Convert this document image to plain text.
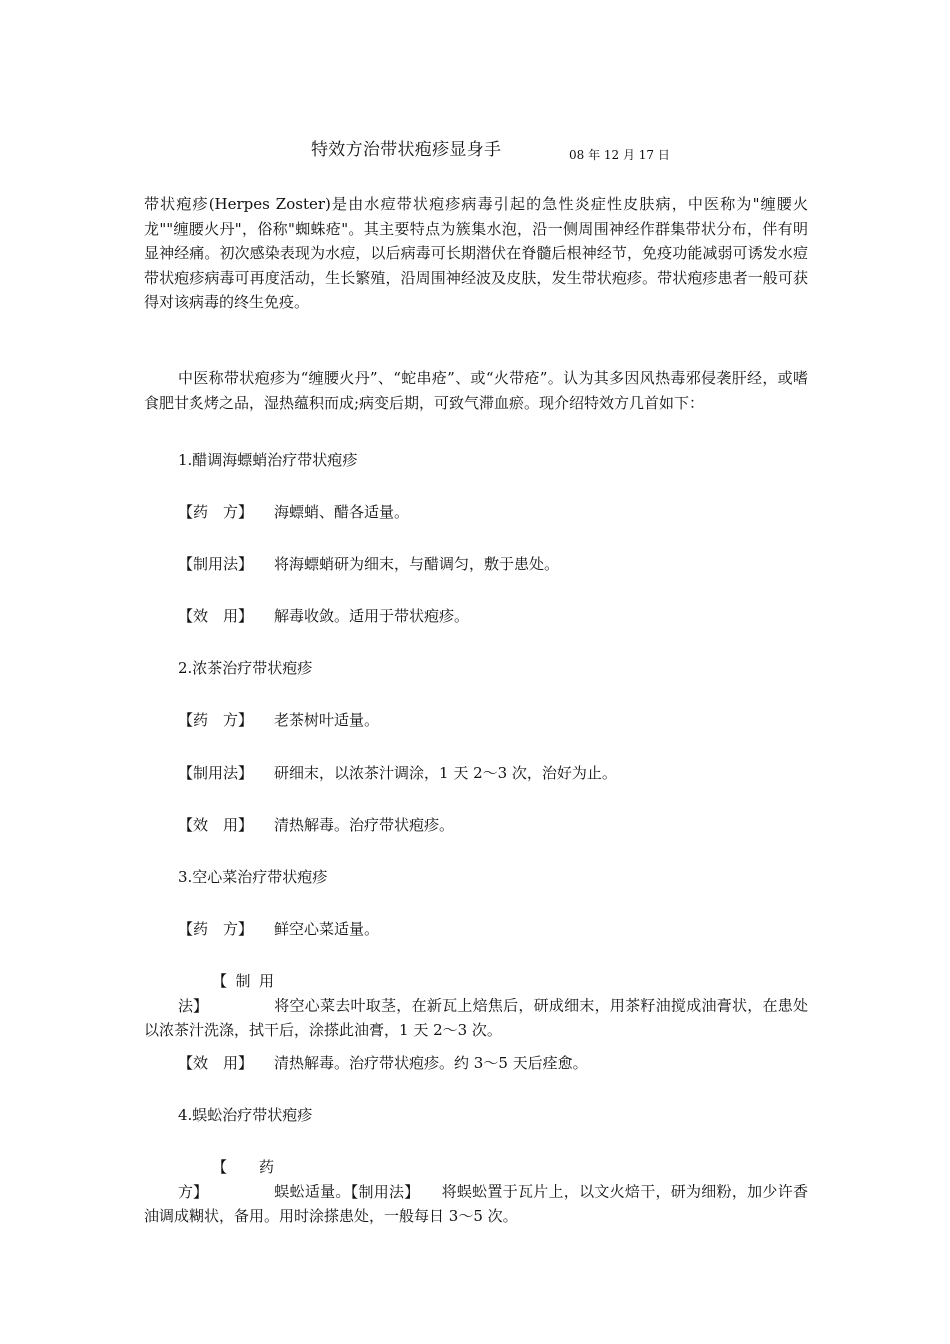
特效方治带状疱疹显身手	08 年 12 月 17 日

带状疱疹(Herpes Zoster)是由水痘带状疱疹病毒引起的急性炎症性皮肤病，中医称为"缠腰火龙""缠腰火丹"，俗称"蜘蛛疮"。其主要特点为簇集水泡，沿一侧周围神经作群集带状分布，伴有明显神经痛。初次感染表现为水痘，以后病毒可长期潜伏在脊髓后根神经节，免疫功能减弱可诱发水痘带状疱疹病毒可再度活动，生长繁殖，沿周围神经波及皮肤，发生带状疱疹。带状疱疹患者一般可获得对该病毒的终生免疫。

中医称带状疱疹为“缠腰火丹”、“蛇串疮”、或“火带疮”。认为其多因风热毒邪侵袭肝经，或嗜食肥甘炙烤之品，湿热蕴积而成;病变后期，可致气滞血瘀。现介绍特效方几首如下：

1.醋调海螵蛸治疗带状疱疹
【药　方】 海螵蛸、醋各适量。
【制用法】 将海螵蛸研为细末，与醋调匀，敷于患处。
【效　用】 解毒收敛。适用于带状疱疹。
2.浓茶治疗带状疱疹
【药　方】 老茶树叶适量。
【制用法】 研细末，以浓茶汁调涂，1 天 2～3 次，治好为止。
【效　用】 清热解毒。治疗带状疱疹。
3.空心菜治疗带状疱疹
【药　方】 鲜空心菜适量。

【制用法】	将空心菜去叶取茎，在新瓦上焙焦后，研成细末，用茶籽油搅成油膏状，在患处以浓茶汁洗涤，拭干后，涂搽此油膏，1 天 2～3 次。

【效　用】 清热解毒。治疗带状疱疹。约 3～5 天后痊愈。
4.蜈蚣治疗带状疱疹

【药　方】	蜈蚣适量。【制用法】 将蜈蚣置于瓦片上，以文火焙干，研为细粉，加少许香油调成糊状，备用。用时涂搽患处，一般每日 3～5 次。
